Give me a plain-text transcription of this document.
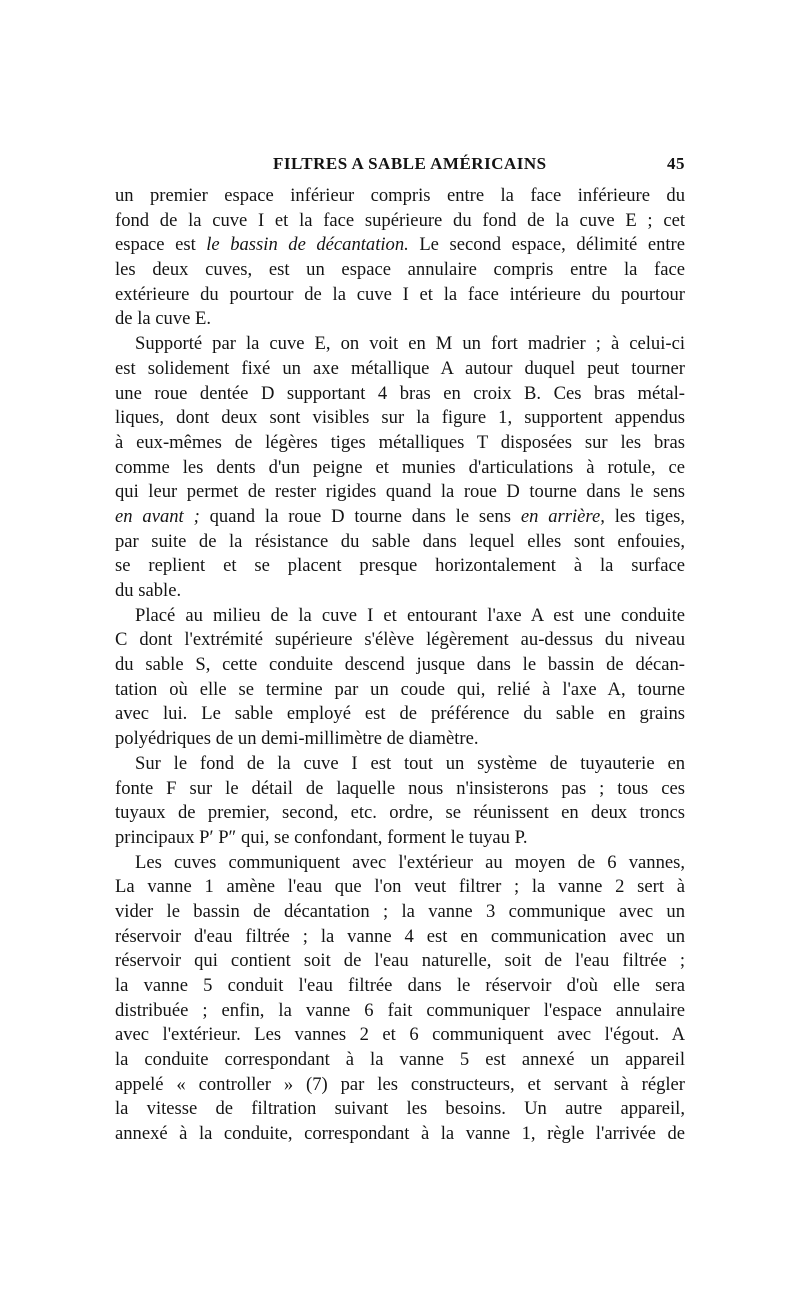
FILTRES A SABLE AMÉRICAINS	45
un premier espace inférieur compris entre la face inférieure du
fond de la cuve I et la face supérieure du fond de la cuve E ; cet
espace est le bassin de décantation. Le second espace, délimité entre
les deux cuves, est un espace annulaire compris entre la face
extérieure du pourtour de la cuve I et la face intérieure du pourtour
de la cuve E.
Supporté par la cuve E, on voit en M un fort madrier ; à celui-ci
est solidement fixé un axe métallique A autour duquel peut tourner
une roue dentée D supportant 4 bras en croix B. Ces bras métal-
liques, dont deux sont visibles sur la figure 1, supportent appendus
à eux-mêmes de légères tiges métalliques T disposées sur les bras
comme les dents d'un peigne et munies d'articulations à rotule, ce
qui leur permet de rester rigides quand la roue D tourne dans le sens
en avant ; quand la roue D tourne dans le sens en arrière, les tiges,
par suite de la résistance du sable dans lequel elles sont enfouies,
se replient et se placent presque horizontalement à la surface
du sable.
Placé au milieu de la cuve I et entourant l'axe A est une conduite
C dont l'extrémité supérieure s'élève légèrement au-dessus du niveau
du sable S, cette conduite descend jusque dans le bassin de décan-
tation où elle se termine par un coude qui, relié à l'axe A, tourne
avec lui. Le sable employé est de préférence du sable en grains
polyédriques de un demi-millimètre de diamètre.
Sur le fond de la cuve I est tout un système de tuyauterie en
fonte F sur le détail de laquelle nous n'insisterons pas ; tous ces
tuyaux de premier, second, etc. ordre, se réunissent en deux troncs
principaux P′ P″ qui, se confondant, forment le tuyau P.
Les cuves communiquent avec l'extérieur au moyen de 6 vannes,
La vanne 1 amène l'eau que l'on veut filtrer ; la vanne 2 sert à
vider le bassin de décantation ; la vanne 3 communique avec un
réservoir d'eau filtrée ; la vanne 4 est en communication avec un
réservoir qui contient soit de l'eau naturelle, soit de l'eau filtrée ;
la vanne 5 conduit l'eau filtrée dans le réservoir d'où elle sera
distribuée ; enfin, la vanne 6 fait communiquer l'espace annulaire
avec l'extérieur. Les vannes 2 et 6 communiquent avec l'égout. A
la conduite correspondant à la vanne 5 est annexé un appareil
appelé « controller » (7) par les constructeurs, et servant à régler
la vitesse de filtration suivant les besoins. Un autre appareil,
annexé à la conduite, correspondant à la vanne 1, règle l'arrivée de
